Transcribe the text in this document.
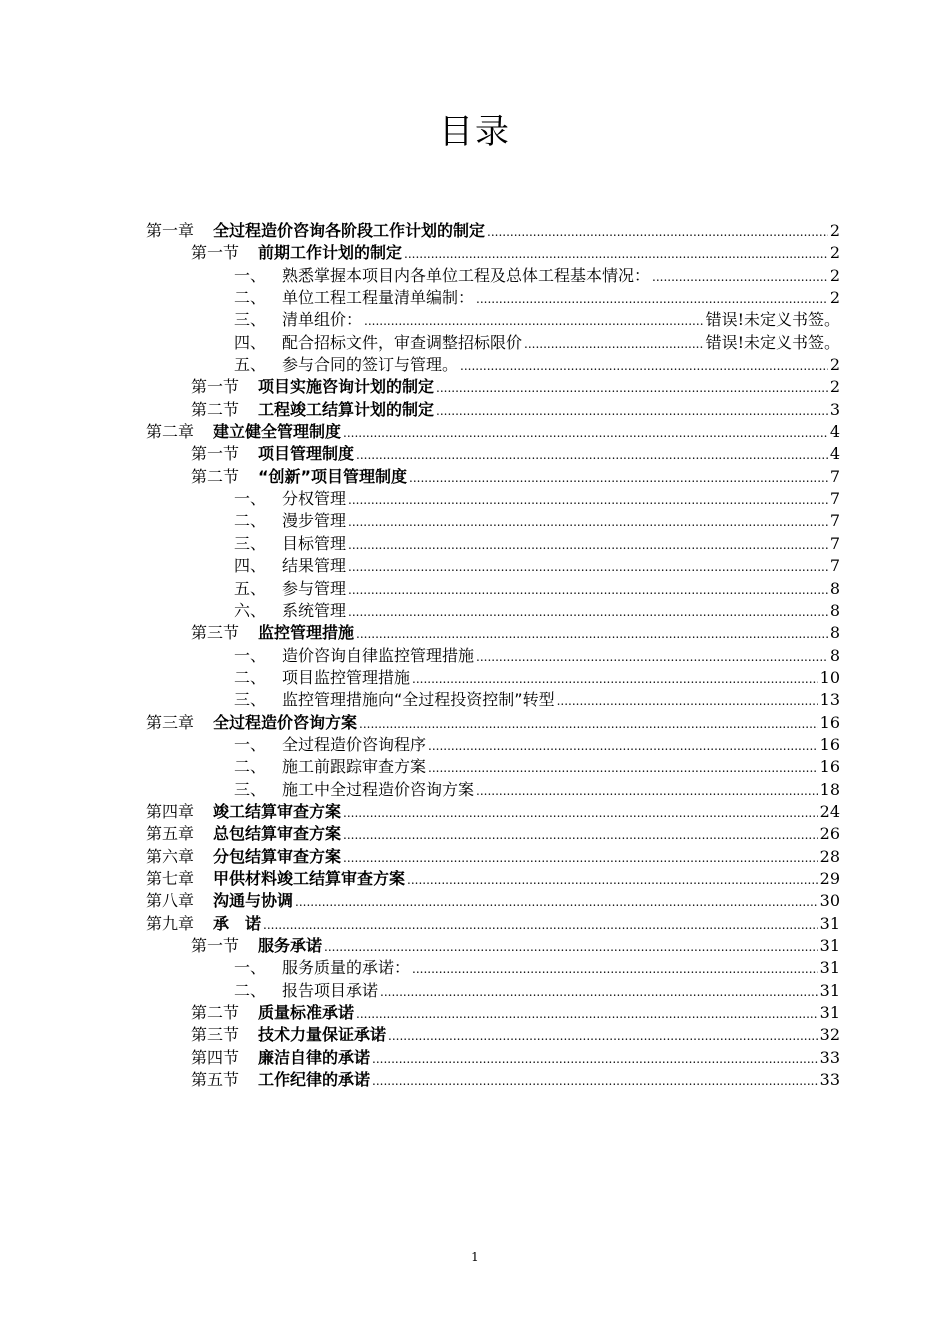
目录
第一章	全过程造价咨询各阶段工作计划的制定 .....	2
第一节	前期工作计划的制定 .....	2
一、 熟悉掌握本项目内各单位工程及总体工程基本情况： .....	2
二、 单位工程工程量清单编制： .....	2
三、 清单组价： .....	错误!未定义书签。
四、 配合招标文件，审查调整招标限价 .....	错误!未定义书签。
五、 参与合同的签订与管理。 .....	2
第一节	项目实施咨询计划的制定 .....	2
第二节	工程竣工结算计划的制定 .....	3
第二章	建立健全管理制度 .....	4
第一节	项目管理制度 .....	4
第二节	“创新”项目管理制度 .....	7
一、 分权管理 .....	7
二、 漫步管理 .....	7
三、 目标管理 .....	7
四、 结果管理 .....	7
五、 参与管理 .....	8
六、 系统管理 .....	8
第三节	监控管理措施 .....	8
一、 造价咨询自律监控管理措施 .....	8
二、 项目监控管理措施 .....	10
三、 监控管理措施向“全过程投资控制”转型 .....	13
第三章	全过程造价咨询方案 .....	16
一、 全过程造价咨询程序 .....	16
二、 施工前跟踪审查方案 .....	16
三、 施工中全过程造价咨询方案 .....	18
第四章	竣工结算审查方案 .....	24
第五章	总包结算审查方案 .....	26
第六章	分包结算审查方案 .....	28
第七章	甲供材料竣工结算审查方案 .....	29
第八章	沟通与协调 .....	30
第九章	承　诺 .....	31
第一节	服务承诺 .....	31
一、 服务质量的承诺： .....	31
二、 报告项目承诺 .....	31
第二节	质量标准承诺 .....	31
第三节	技术力量保证承诺 .....	32
第四节	廉洁自律的承诺 .....	33
第五节	工作纪律的承诺 .....	33
1
